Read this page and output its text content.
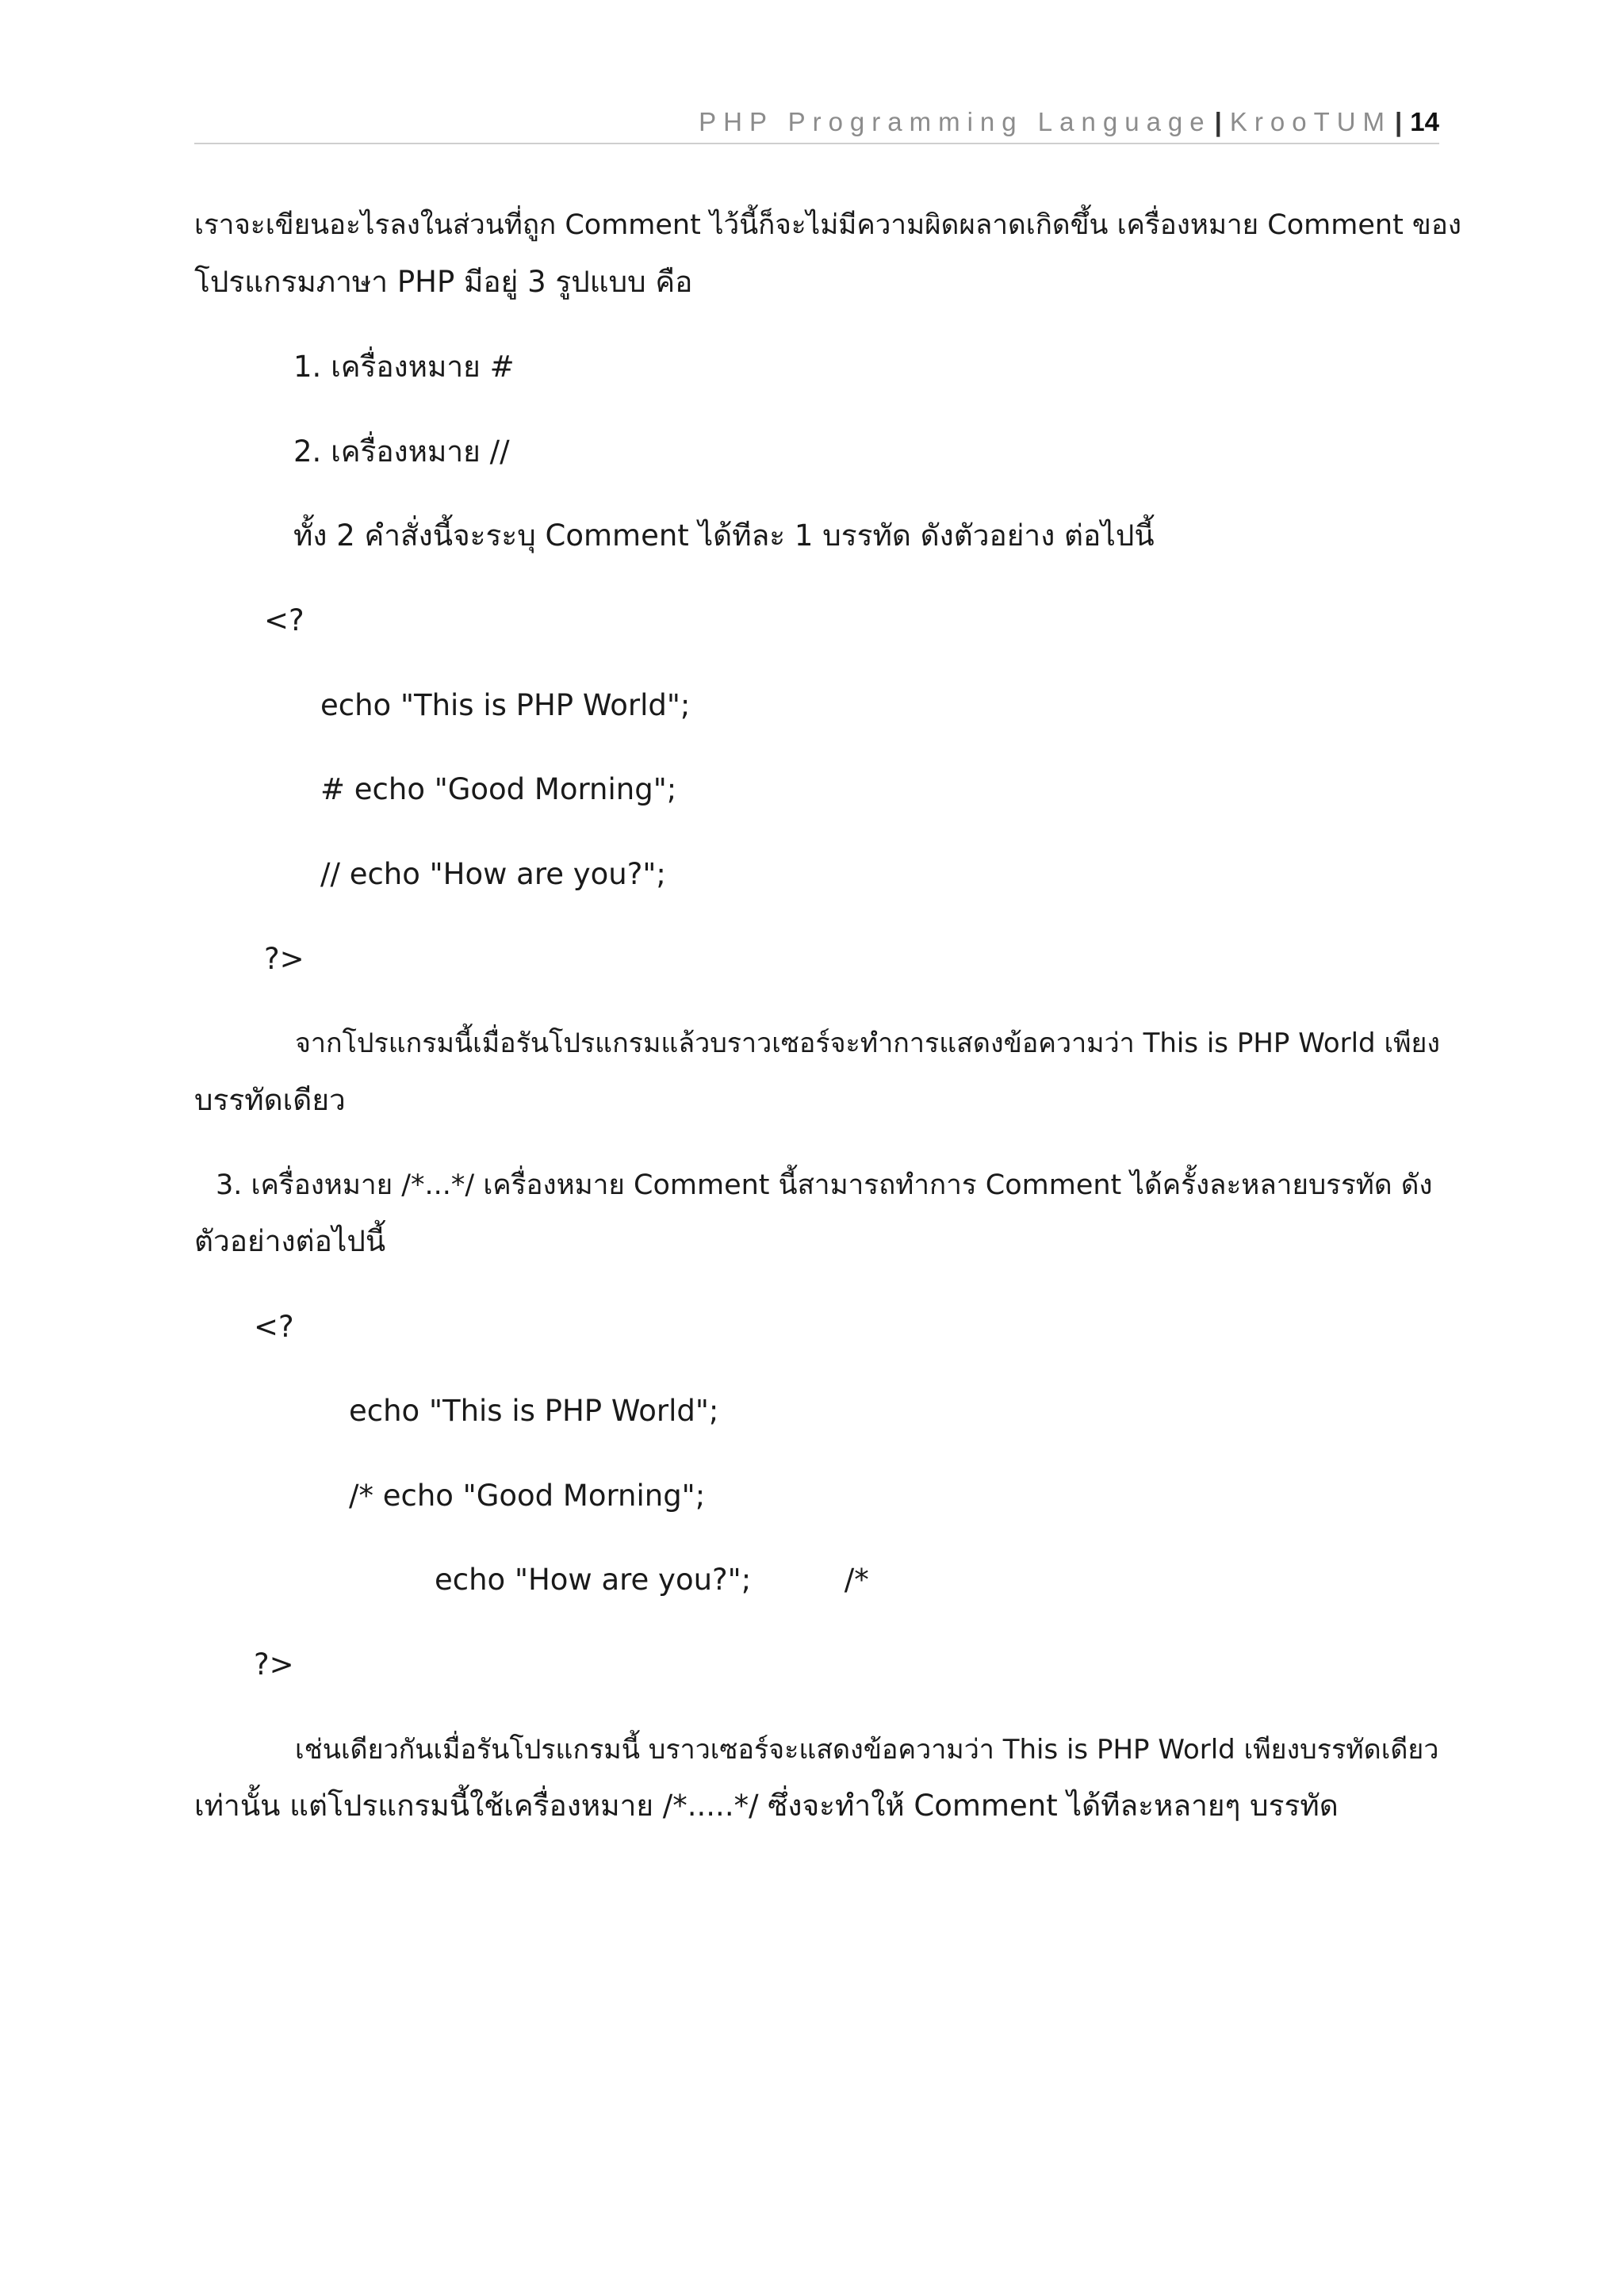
PHP Programming Language | KrooTUM | 14
เราจะเขียนอะไรลงในส่วนที่ถูก Comment ไว้นี้ก็จะไม่มีความผิดผลาดเกิดขึ้น เครื่องหมาย Comment ของ
โปรแกรมภาษา PHP มีอยู่ 3 รูปแบบ คือ
1. เครื่องหมาย #
2. เครื่องหมาย //
ทั้ง 2 คำสั่งนี้จะระบุ Comment ได้ทีละ 1 บรรทัด ดังตัวอย่าง ต่อไปนี้
<?
echo "This is PHP World";
# echo "Good Morning";
// echo "How are you?";
?>
จากโปรแกรมนี้เมื่อรันโปรแกรมแล้วบราวเซอร์จะทำการแสดงข้อความว่า This is PHP World เพียง
บรรทัดเดียว
3. เครื่องหมาย /*...*/ เครื่องหมาย Comment นี้สามารถทำการ Comment ได้ครั้งละหลายบรรทัด ดัง
ตัวอย่างต่อไปนี้
<?
echo "This is PHP World";
/* echo "Good Morning";
echo "How are you?";          /*
?>
เช่นเดียวกันเมื่อรันโปรแกรมนี้ บราวเซอร์จะแสดงข้อความว่า This is PHP World เพียงบรรทัดเดียว
เท่านั้น แต่โปรแกรมนี้ใช้เครื่องหมาย /*.....*/ ซึ่งจะทำให้ Comment ได้ทีละหลายๆ บรรทัด
